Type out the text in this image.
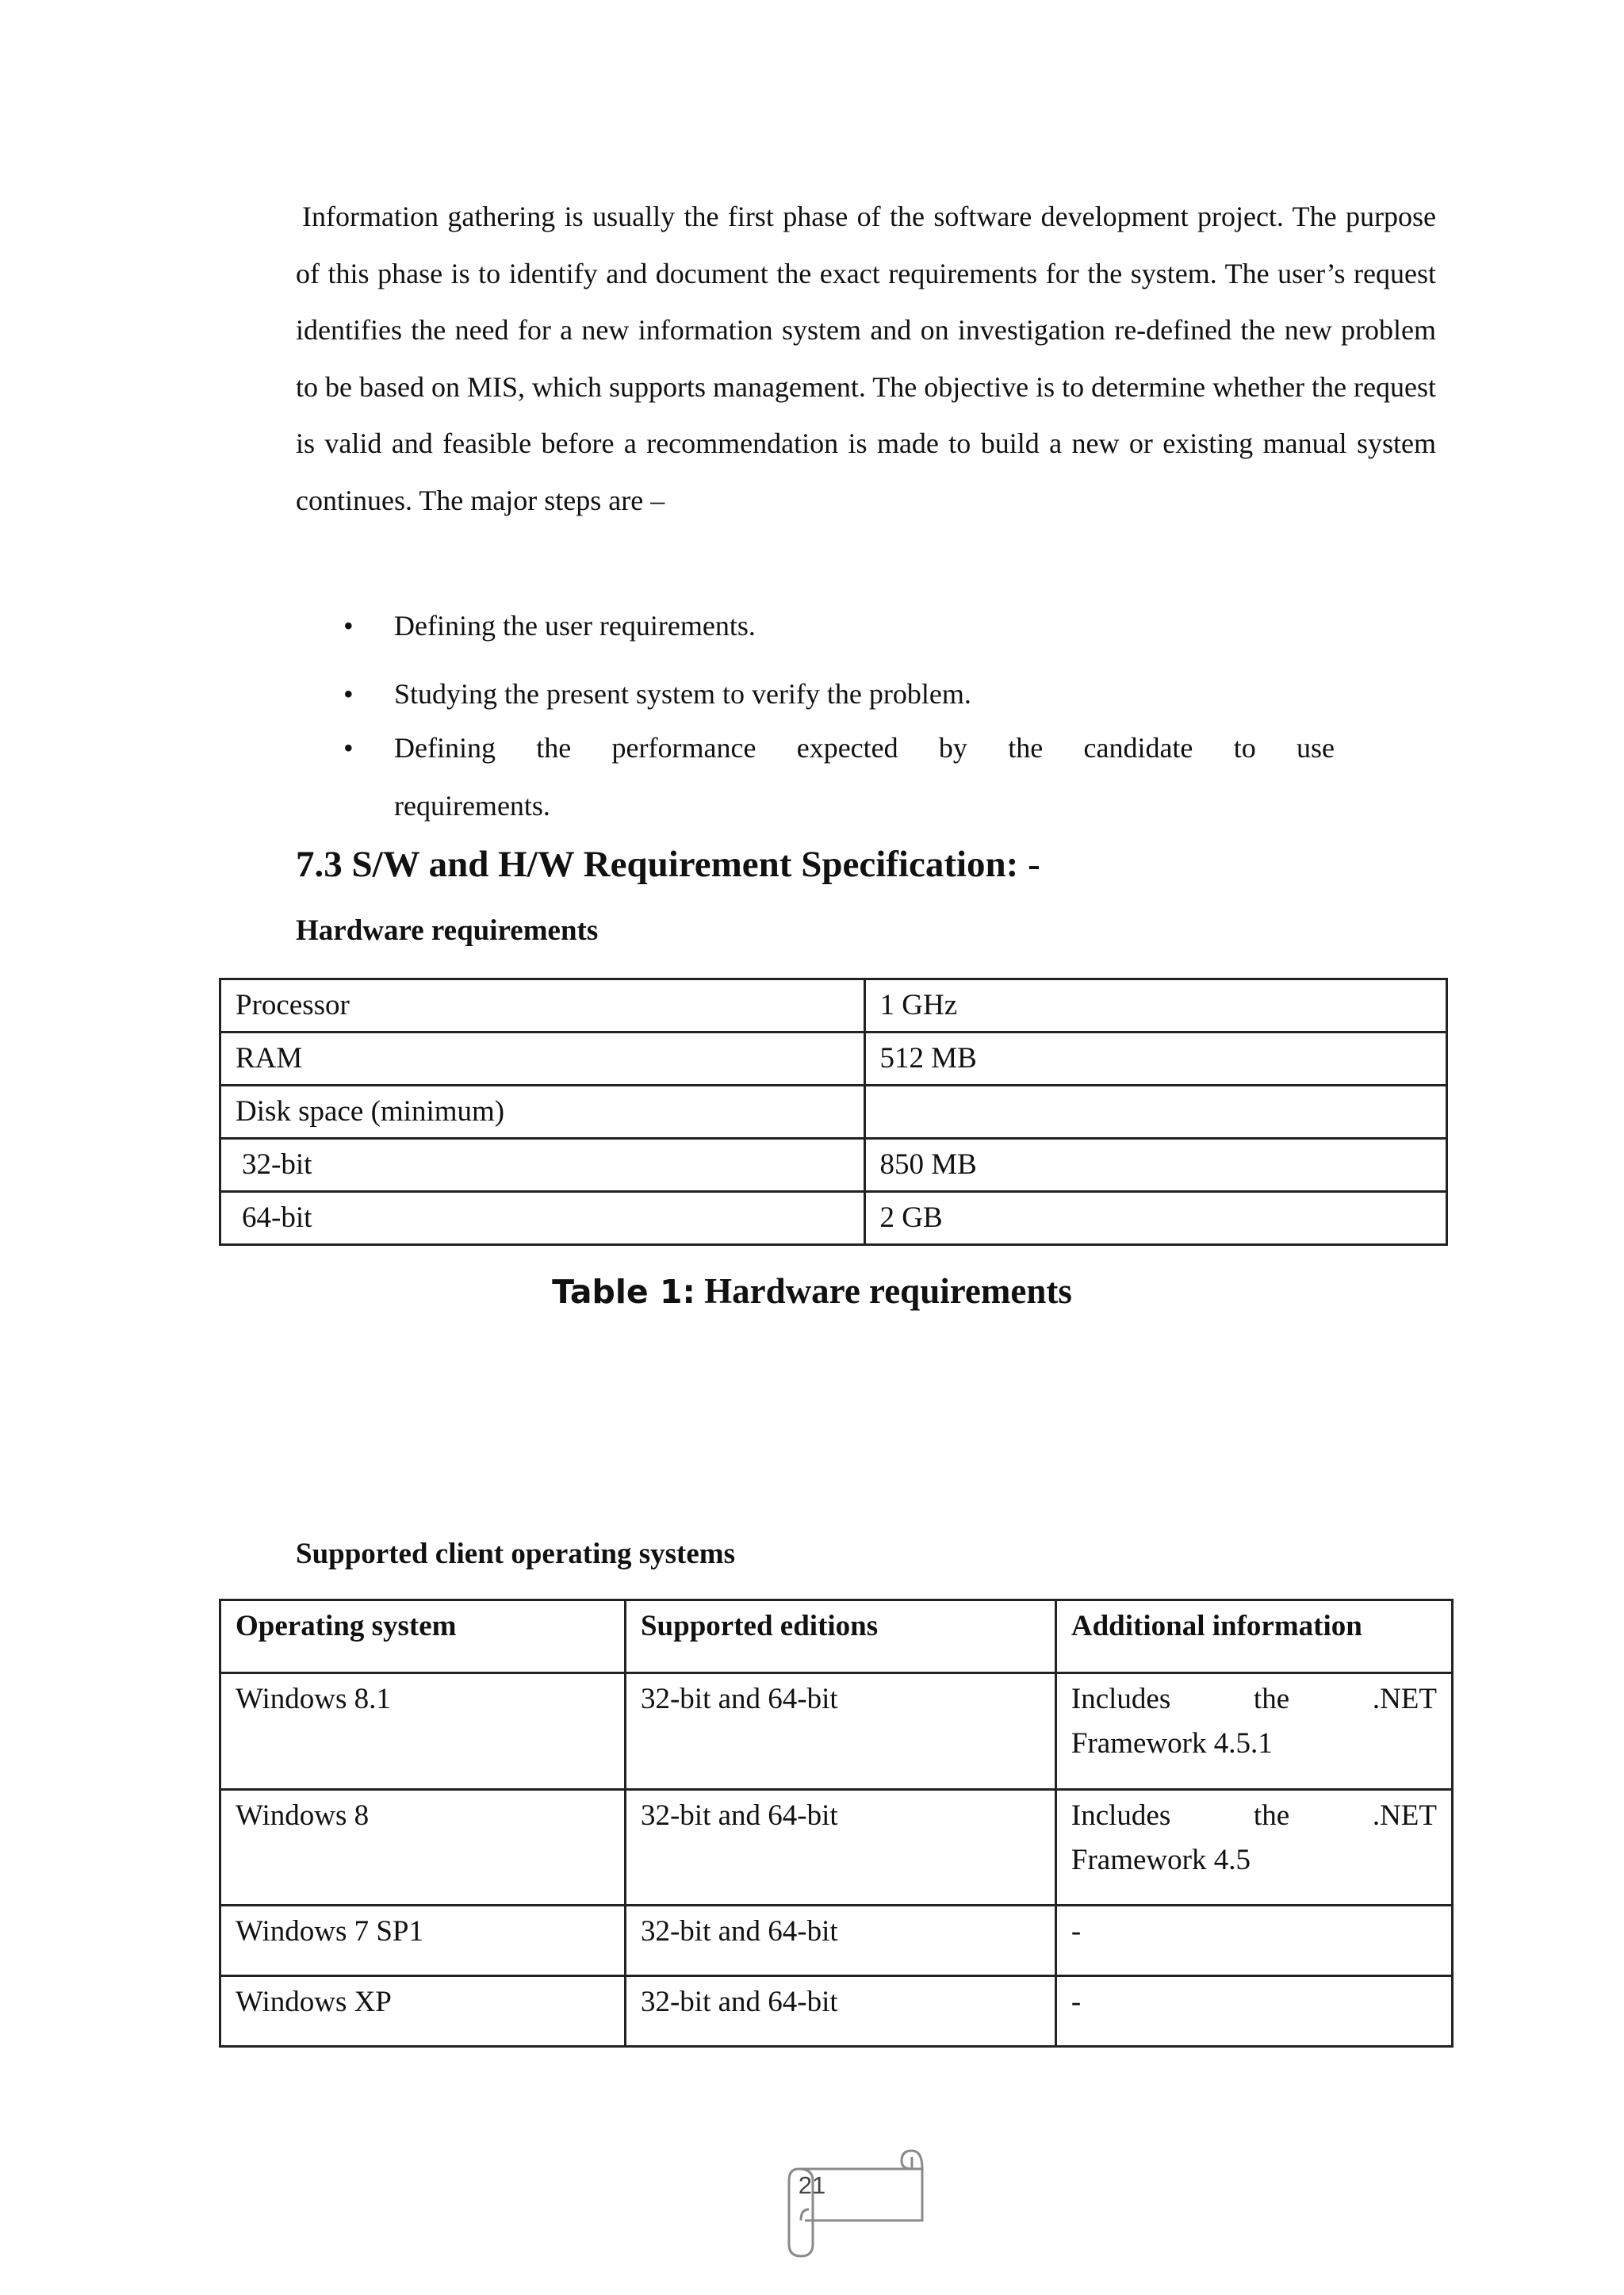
Information gathering is usually the first phase of the software development project. The purpose of this phase is to identify and document the exact requirements for the system. The user’s request identifies the need for a new information system and on investigation re-defined the new problem to be based on MIS, which supports management. The objective is to determine whether the request is valid and feasible before a recommendation is made to build a new or existing manual system continues. The major steps are –
• Defining the user requirements.
• Studying the present system to verify the problem.
• Defining the performance expected by the candidate to use
requirements.
7.3 S/W and H/W Requirement Specification: -
Hardware requirements
Processor	1 GHz
RAM	512 MB
Disk space (minimum)	
32-bit	850 MB
64-bit	2 GB
Table 1: Hardware requirements
Supported client operating systems
Operating system	Supported editions	Additional information
Windows 8.1	32-bit and 64-bit	Includes the .NET
Framework 4.5.1

Windows 8	32-bit and 64-bit	Includes the .NET
Framework 4.5

Windows 7 SP1	32-bit and 64-bit	-

Windows XP	32-bit and 64-bit	-
21
